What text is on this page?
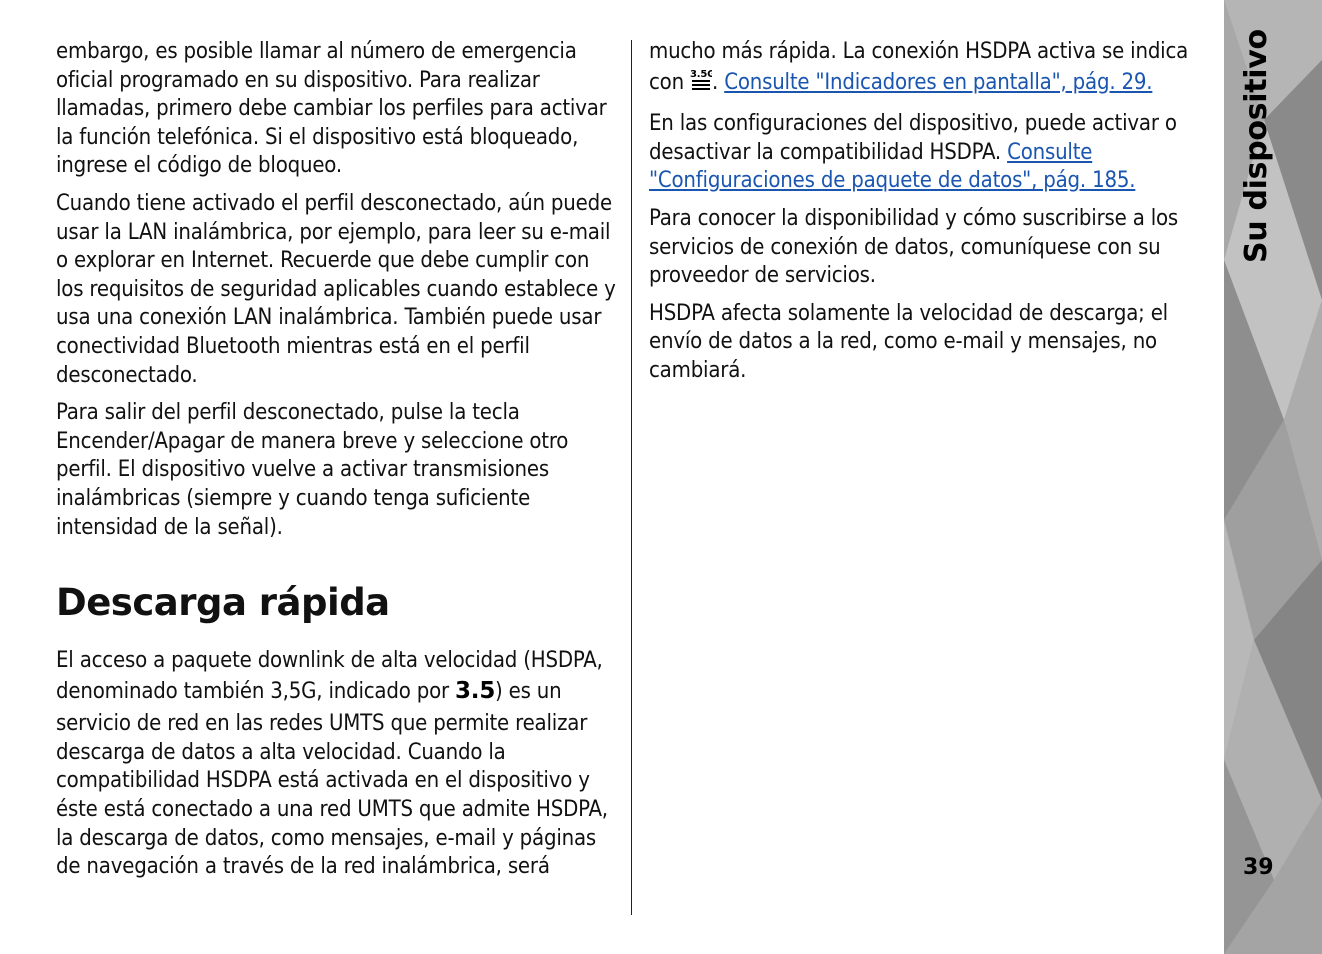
embargo, es posible llamar al número de emergencia oficial programado en su dispositivo. Para realizar llamadas, primero debe cambiar los perfiles para activar la función telefónica. Si el dispositivo está bloqueado, ingrese el código de bloqueo.

Cuando tiene activado el perfil desconectado, aún puede usar la LAN inalámbrica, por ejemplo, para leer su e-mail o explorar en Internet. Recuerde que debe cumplir con los requisitos de seguridad aplicables cuando establece y usa una conexión LAN inalámbrica. También puede usar conectividad Bluetooth mientras está en el perfil desconectado.

Para salir del perfil desconectado, pulse la tecla Encender/Apagar de manera breve y seleccione otro perfil. El dispositivo vuelve a activar transmisiones inalámbricas (siempre y cuando tenga suficiente intensidad de la señal).

Descarga rápida

El acceso a paquete downlink de alta velocidad (HSDPA, denominado también 3,5G, indicado por 3.5 ) es un servicio de red en las redes UMTS que permite realizar descarga de datos a alta velocidad. Cuando la compatibilidad HSDPA está activada en el dispositivo y éste está conectado a una red UMTS que admite HSDPA, la descarga de datos, como mensajes, e-mail y páginas de navegación a través de la red inalámbrica, será

mucho más rápida. La conexión HSDPA activa se indica con 3.5G
. Consulte "Indicadores en pantalla", pág. 29.

En las configuraciones del dispositivo, puede activar o desactivar la compatibilidad HSDPA. Consulte "Configuraciones de paquete de datos", pág. 185.

Para conocer la disponibilidad y cómo suscribirse a los servicios de conexión de datos, comuníquese con su proveedor de servicios.

HSDPA afecta solamente la velocidad de descarga; el envío de datos a la red, como e-mail y mensajes, no cambiará.

Su dispositivo
39
